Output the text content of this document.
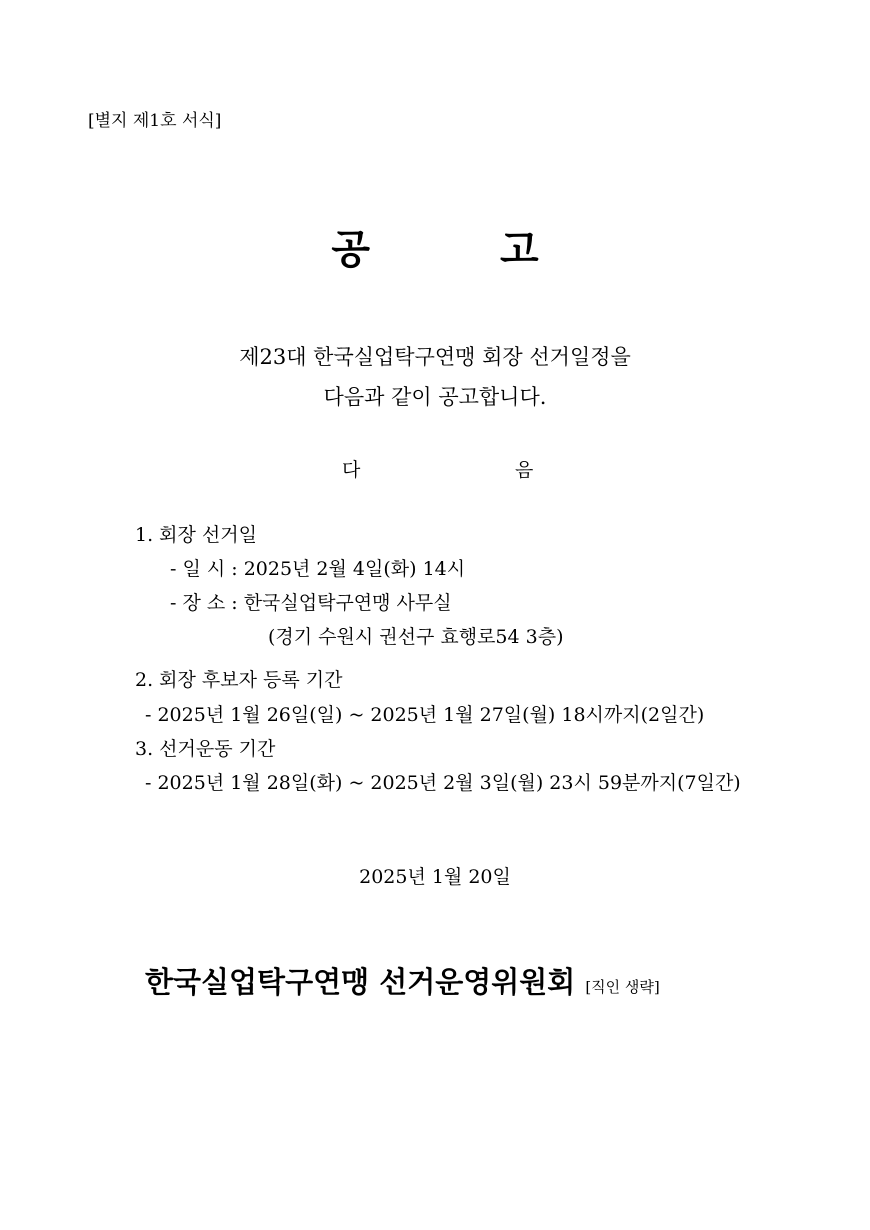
[별지 제1호 서식]
공	고
제23대 한국실업탁구연맹 회장 선거일정을
다음과 같이 공고합니다.
다	음
1. 회장 선거일
- 일 시 : 2025년 2월 4일(화) 14시
- 장 소 : 한국실업탁구연맹 사무실
(경기 수원시 권선구 효행로54 3층)
2. 회장 후보자 등록 기간
- 2025년 1월 26일(일) ~ 2025년 1월 27일(월) 18시까지(2일간)
3. 선거운동 기간
- 2025년 1월 28일(화) ~ 2025년 2월 3일(월) 23시 59분까지(7일간)
2025년 1월 20일
한국실업탁구연맹 선거운영위원회 [직인 생략]
